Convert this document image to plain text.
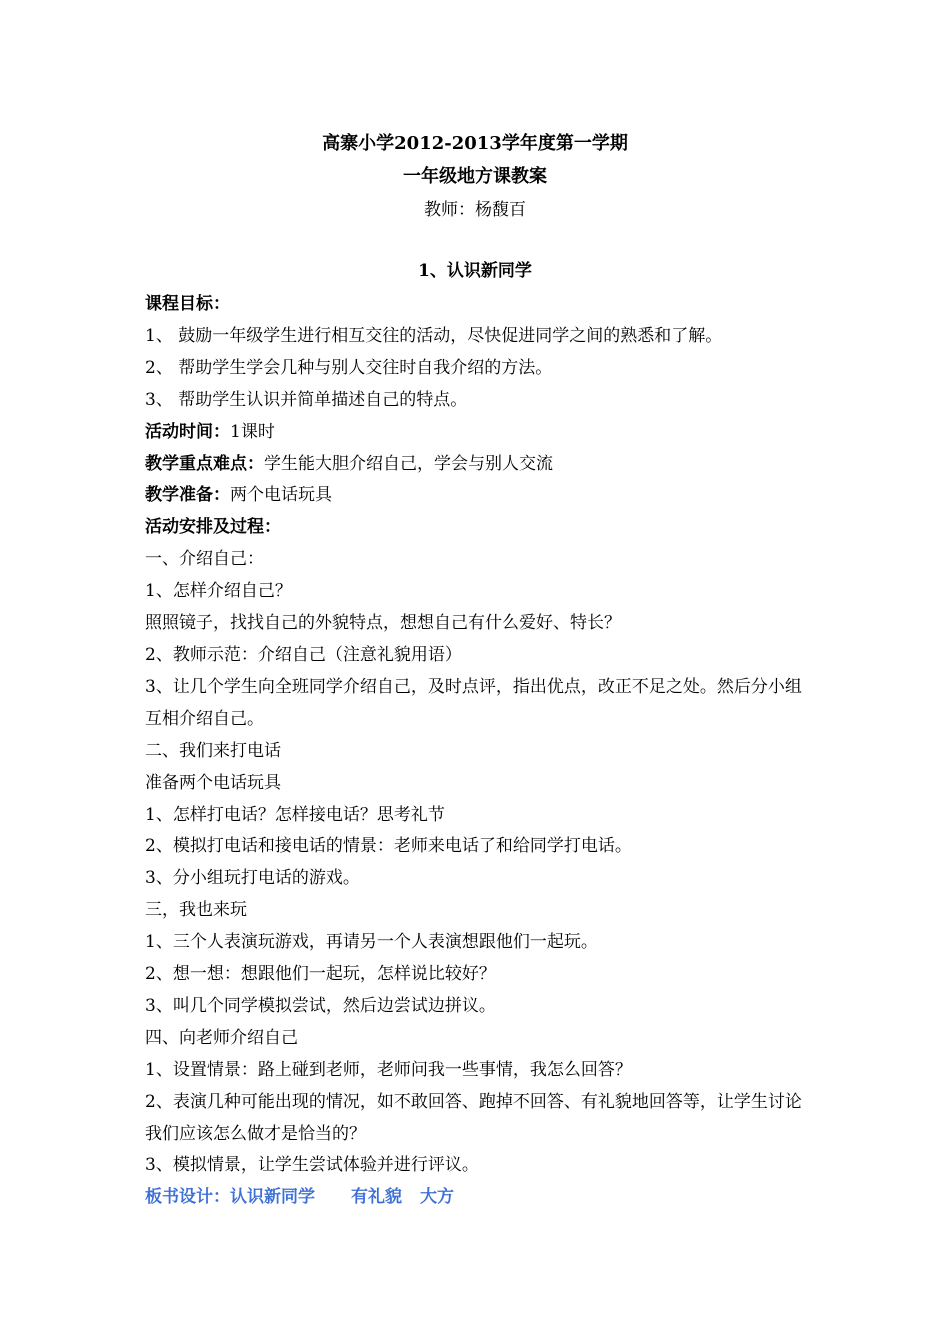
高寨小学2012-2013学年度第一学期
一年级地方课教案
教师：杨馥百
1、认识新同学

课程目标：

1、 鼓励一年级学生进行相互交往的活动，尽快促进同学之间的熟悉和了解。

2、 帮助学生学会几种与别人交往时自我介绍的方法。

3、 帮助学生认识并简单描述自己的特点。

活动时间：1课时

教学重点难点：学生能大胆介绍自己，学会与别人交流

教学准备：两个电话玩具

活动安排及过程：

一、介绍自己：

1、怎样介绍自己？

照照镜子，找找自己的外貌特点，想想自己有什么爱好、特长？

2、教师示范：介绍自己（注意礼貌用语）

3、让几个学生向全班同学介绍自己，及时点评，指出优点，改正不足之处。然后分小组互相介绍自己。

二、我们来打电话

准备两个电话玩具

1、怎样打电话？怎样接电话？思考礼节

2、模拟打电话和接电话的情景：老师来电话了和给同学打电话。

3、分小组玩打电话的游戏。

三，我也来玩

1、三个人表演玩游戏，再请另一个人表演想跟他们一起玩。

2、想一想：想跟他们一起玩，怎样说比较好？

3、叫几个同学模拟尝试，然后边尝试边拼议。

四、向老师介绍自己

1、设置情景：路上碰到老师，老师问我一些事情，我怎么回答？

2、表演几种可能出现的情况，如不敢回答、跑掉不回答、有礼貌地回答等，让学生讨论我们应该怎么做才是恰当的？

3、模拟情景，让学生尝试体验并进行评议。

板书设计：认识新同学 有礼貌 大方
